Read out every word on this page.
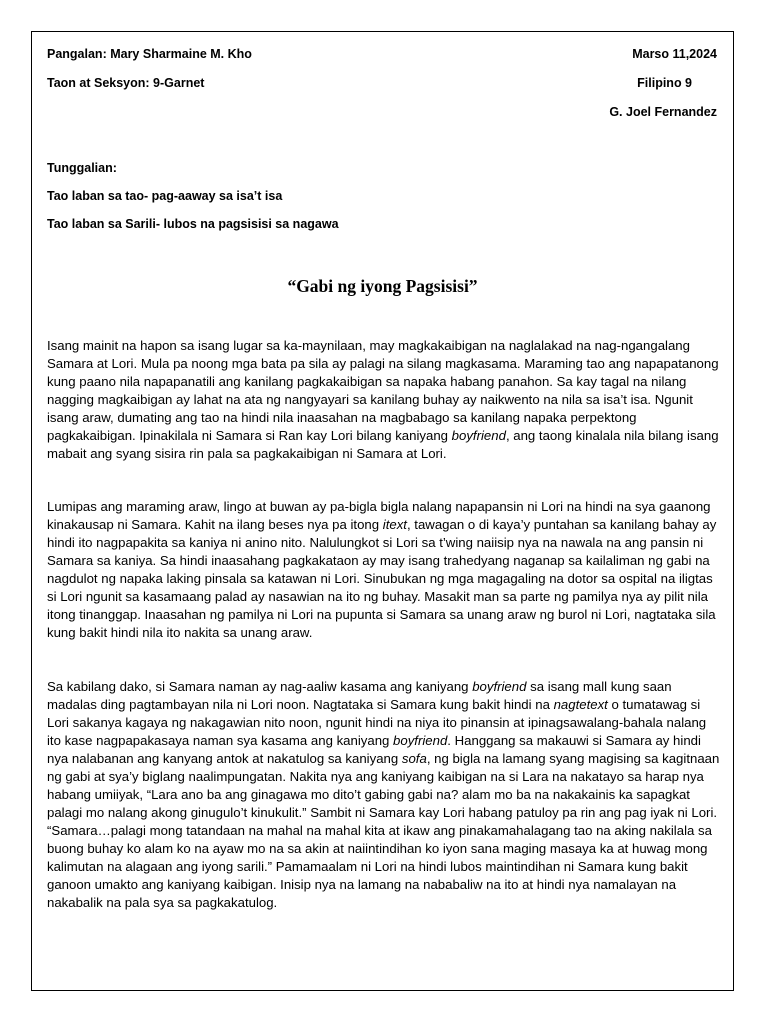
Pangalan: Mary Sharmaine M. Kho	Marso 11,2024
Taon at Seksyon: 9-Garnet	Filipino 9
G. Joel Fernandez
Tunggalian:
Tao laban sa tao- pag-aaway sa isa’t isa
Tao laban sa Sarili- lubos na pagsisisi sa nagawa
“Gabi ng iyong Pagsisisi”

Isang mainit na hapon sa isang lugar sa ka-maynilaan, may magkakaibigan na naglalakad na nag-ngangalang Samara at Lori. Mula pa noong mga bata pa sila ay palagi na silang magkasama. Maraming tao ang napapatanong kung paano nila napapanatili ang kanilang pagkakaibigan sa napaka habang panahon. Sa kay tagal na nilang nagging magkaibigan ay lahat na ata ng nangyayari sa kanilang buhay ay naikwento na nila sa isa’t isa. Ngunit isang araw, dumating ang tao na hindi nila inaasahan na magbabago sa kanilang napaka perpektong pagkakaibigan. Ipinakilala ni Samara si Ran kay Lori bilang kaniyang boyfriend, ang taong kinalala nila bilang isang mabait ang syang sisira rin pala sa pagkakaibigan ni Samara at Lori.

Lumipas ang maraming araw, lingo at buwan ay pa-bigla bigla nalang napapansin ni Lori na hindi na sya gaanong kinakausap ni Samara. Kahit na ilang beses nya pa itong itext, tawagan o di kaya’y puntahan sa kanilang bahay ay hindi ito nagpapakita sa kaniya ni anino nito. Nalulungkot si Lori sa t’wing naiisip nya na nawala na ang pansin ni Samara sa kaniya. Sa hindi inaasahang pagkakataon ay may isang trahedyang naganap sa kailaliman ng gabi na nagdulot ng napaka laking pinsala sa katawan ni Lori. Sinubukan ng mga magagaling na dotor sa ospital na iligtas si Lori ngunit sa kasamaang palad ay nasawian na ito ng buhay. Masakit man sa parte ng pamilya nya ay pilit nila itong tinanggap. Inaasahan ng pamilya ni Lori na pupunta si Samara sa unang araw ng burol ni Lori, nagtataka sila kung bakit hindi nila ito nakita sa unang araw.

Sa kabilang dako, si Samara naman ay nag-aaliw kasama ang kaniyang boyfriend sa isang mall kung saan madalas ding pagtambayan nila ni Lori noon. Nagtataka si Samara kung bakit hindi na nagtetext o tumatawag si Lori sakanya kagaya ng nakagawian nito noon, ngunit hindi na niya ito pinansin at ipinagsawalang-bahala nalang ito kase nagpapakasaya naman sya kasama ang kaniyang boyfriend. Hanggang sa makauwi si Samara ay hindi nya nalabanan ang kanyang antok at nakatulog sa kaniyang sofa, ng bigla na lamang syang magising sa kagitnaan ng gabi at sya’y biglang naalimpungatan. Nakita nya ang kaniyang kaibigan na si Lara na nakatayo sa harap nya habang umiiyak, “Lara ano ba ang ginagawa mo dito’t gabing gabi na? alam mo ba na nakakainis ka sapagkat palagi mo nalang akong ginugulo’t kinukulit.” Sambit ni Samara kay Lori habang patuloy pa rin ang pag iyak ni Lori. “Samara…palagi mong tatandaan na mahal na mahal kita at ikaw ang pinakamahalagang tao na aking nakilala sa buong buhay ko alam ko na ayaw mo na sa akin at naiintindihan ko iyon sana maging masaya ka at huwag mong kalimutan na alagaan ang iyong sarili.” Pamamaalam ni Lori na hindi lubos maintindihan ni Samara kung bakit ganoon umakto ang kaniyang kaibigan. Inisip nya na lamang na nababaliw na ito at hindi nya namalayan na nakabalik na pala sya sa pagkakatulog.
